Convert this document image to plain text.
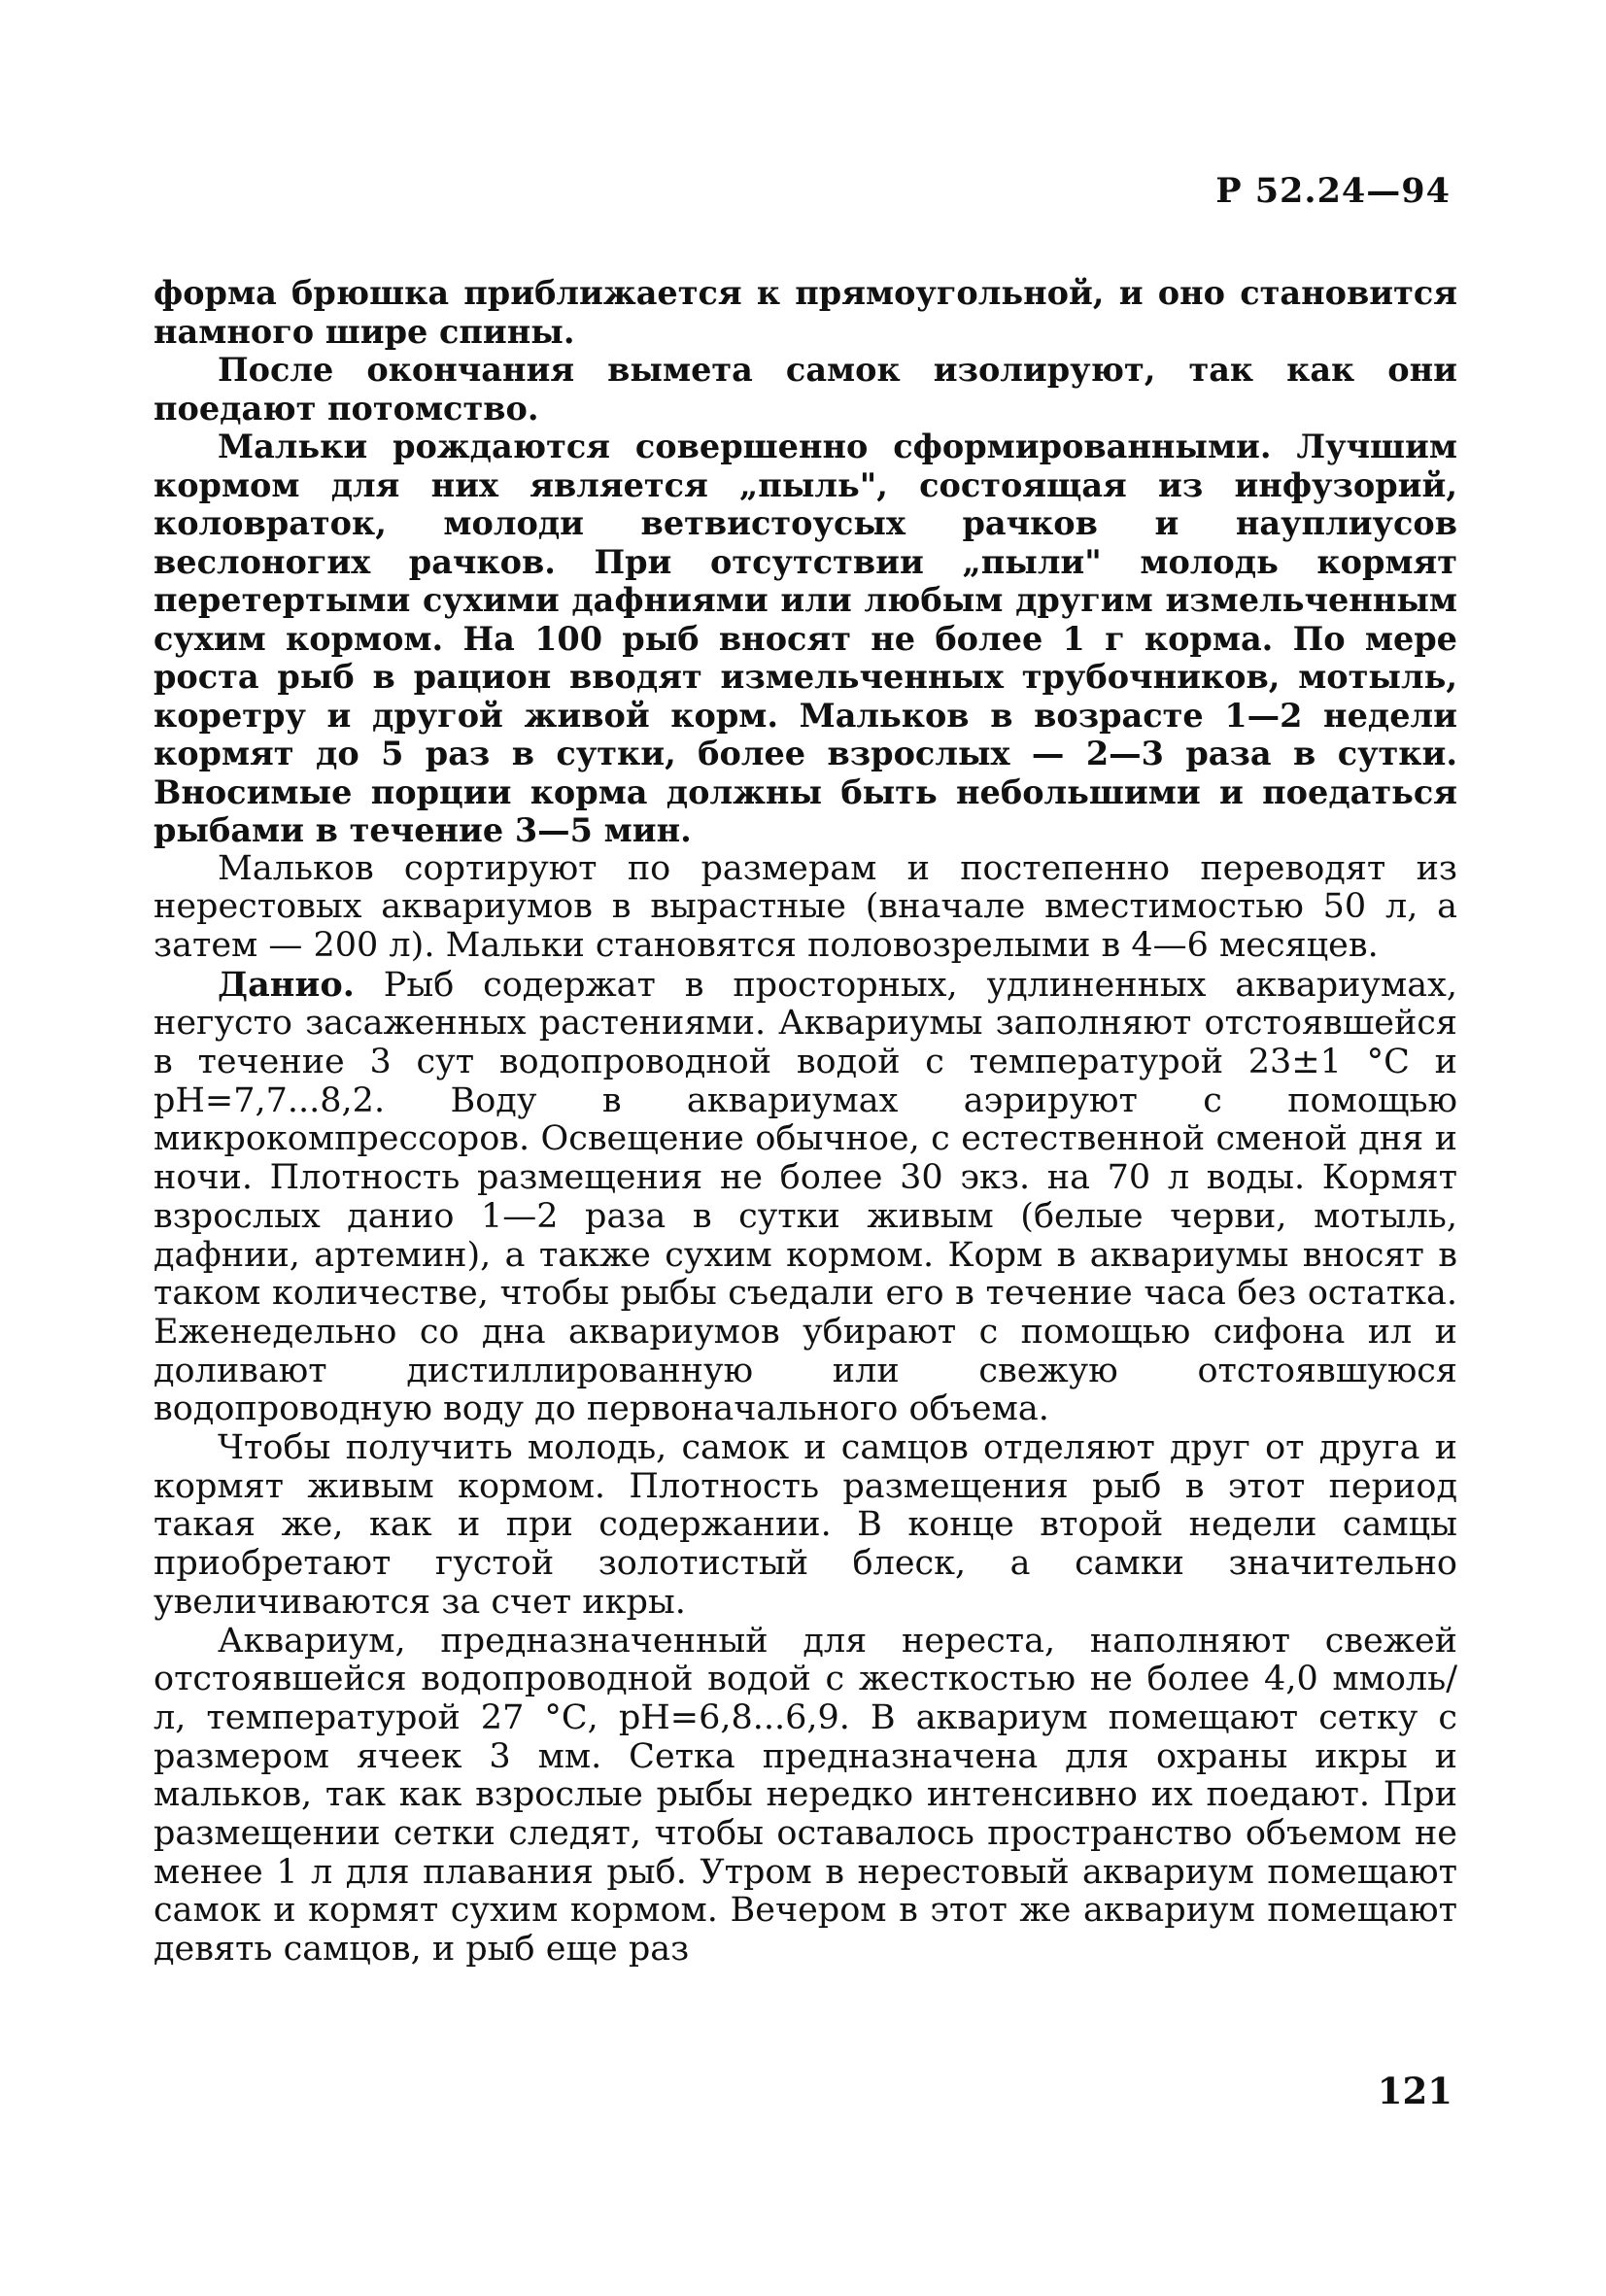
Р 52.24—94

форма брюшка приближается к прямоугольной, и оно становится намного шире спины.

После окончания вымета самок изолируют, так как они поедают потомство.

Мальки рождаются совершенно сформированными. Лучшим кормом для них является „пыль", состоящая из инфузорий, коловраток, молоди ветвистоусых рачков и науплиусов веслоногих рачков. При отсутствии „пыли" молодь кормят перетертыми сухими дафниями или любым другим измельченным сухим кормом. На 100 рыб вносят не более 1 г корма. По мере роста рыб в рацион вводят измельченных трубочников, мотыль, коретру и другой живой корм. Мальков в возрасте 1—2 недели кормят до 5 раз в сутки, более взрослых — 2—3 раза в сутки. Вносимые порции корма должны быть небольшими и поедаться рыбами в течение 3—5 мин.

Мальков сортируют по размерам и постепенно переводят из нерестовых аквариумов в вырастные (вначале вместимостью 50 л, а затем — 200 л). Мальки становятся половозрелыми в 4—6 месяцев.

Данио. Рыб содержат в просторных, удлиненных аквариумах, негусто засаженных растениями. Аквариумы заполняют отстоявшейся в течение 3 сут водопроводной водой с температурой 23±1 °С и рН=7,7...8,2. Воду в аквариумах аэрируют с помощью микрокомпрессоров. Освещение обычное, с естественной сменой дня и ночи. Плотность размещения не более 30 экз. на 70 л воды. Кормят взрослых данио 1—2 раза в сутки живым (белые черви, мотыль, дафнии, артемин), а также сухим кормом. Корм в аквариумы вносят в таком количестве, чтобы рыбы съедали его в течение часа без остатка. Еженедельно со дна аквариумов убирают с помощью сифона ил и доливают дистиллированную или свежую отстоявшуюся водопроводную воду до первоначального объема.

Чтобы получить молодь, самок и самцов отделяют друг от друга и кормят живым кормом. Плотность размещения рыб в этот период такая же, как и при содержании. В конце второй недели самцы приобретают густой золотистый блеск, а самки значительно увеличиваются за счет икры.

Аквариум, предназначенный для нереста, наполняют свежей отстоявшейся водопроводной водой с жесткостью не более 4,0 ммоль/л, температурой 27 °С, рН=6,8...6,9. В аквариум помещают сетку с размером ячеек 3 мм. Сетка предназначена для охраны икры и мальков, так как взрослые рыбы нередко интенсивно их поедают. При размещении сетки следят, чтобы оставалось пространство объемом не менее 1 л для плавания рыб. Утром в нерестовый аквариум помещают самок и кормят сухим кормом. Вечером в этот же аквариум помещают девять самцов, и рыб еще раз

121
